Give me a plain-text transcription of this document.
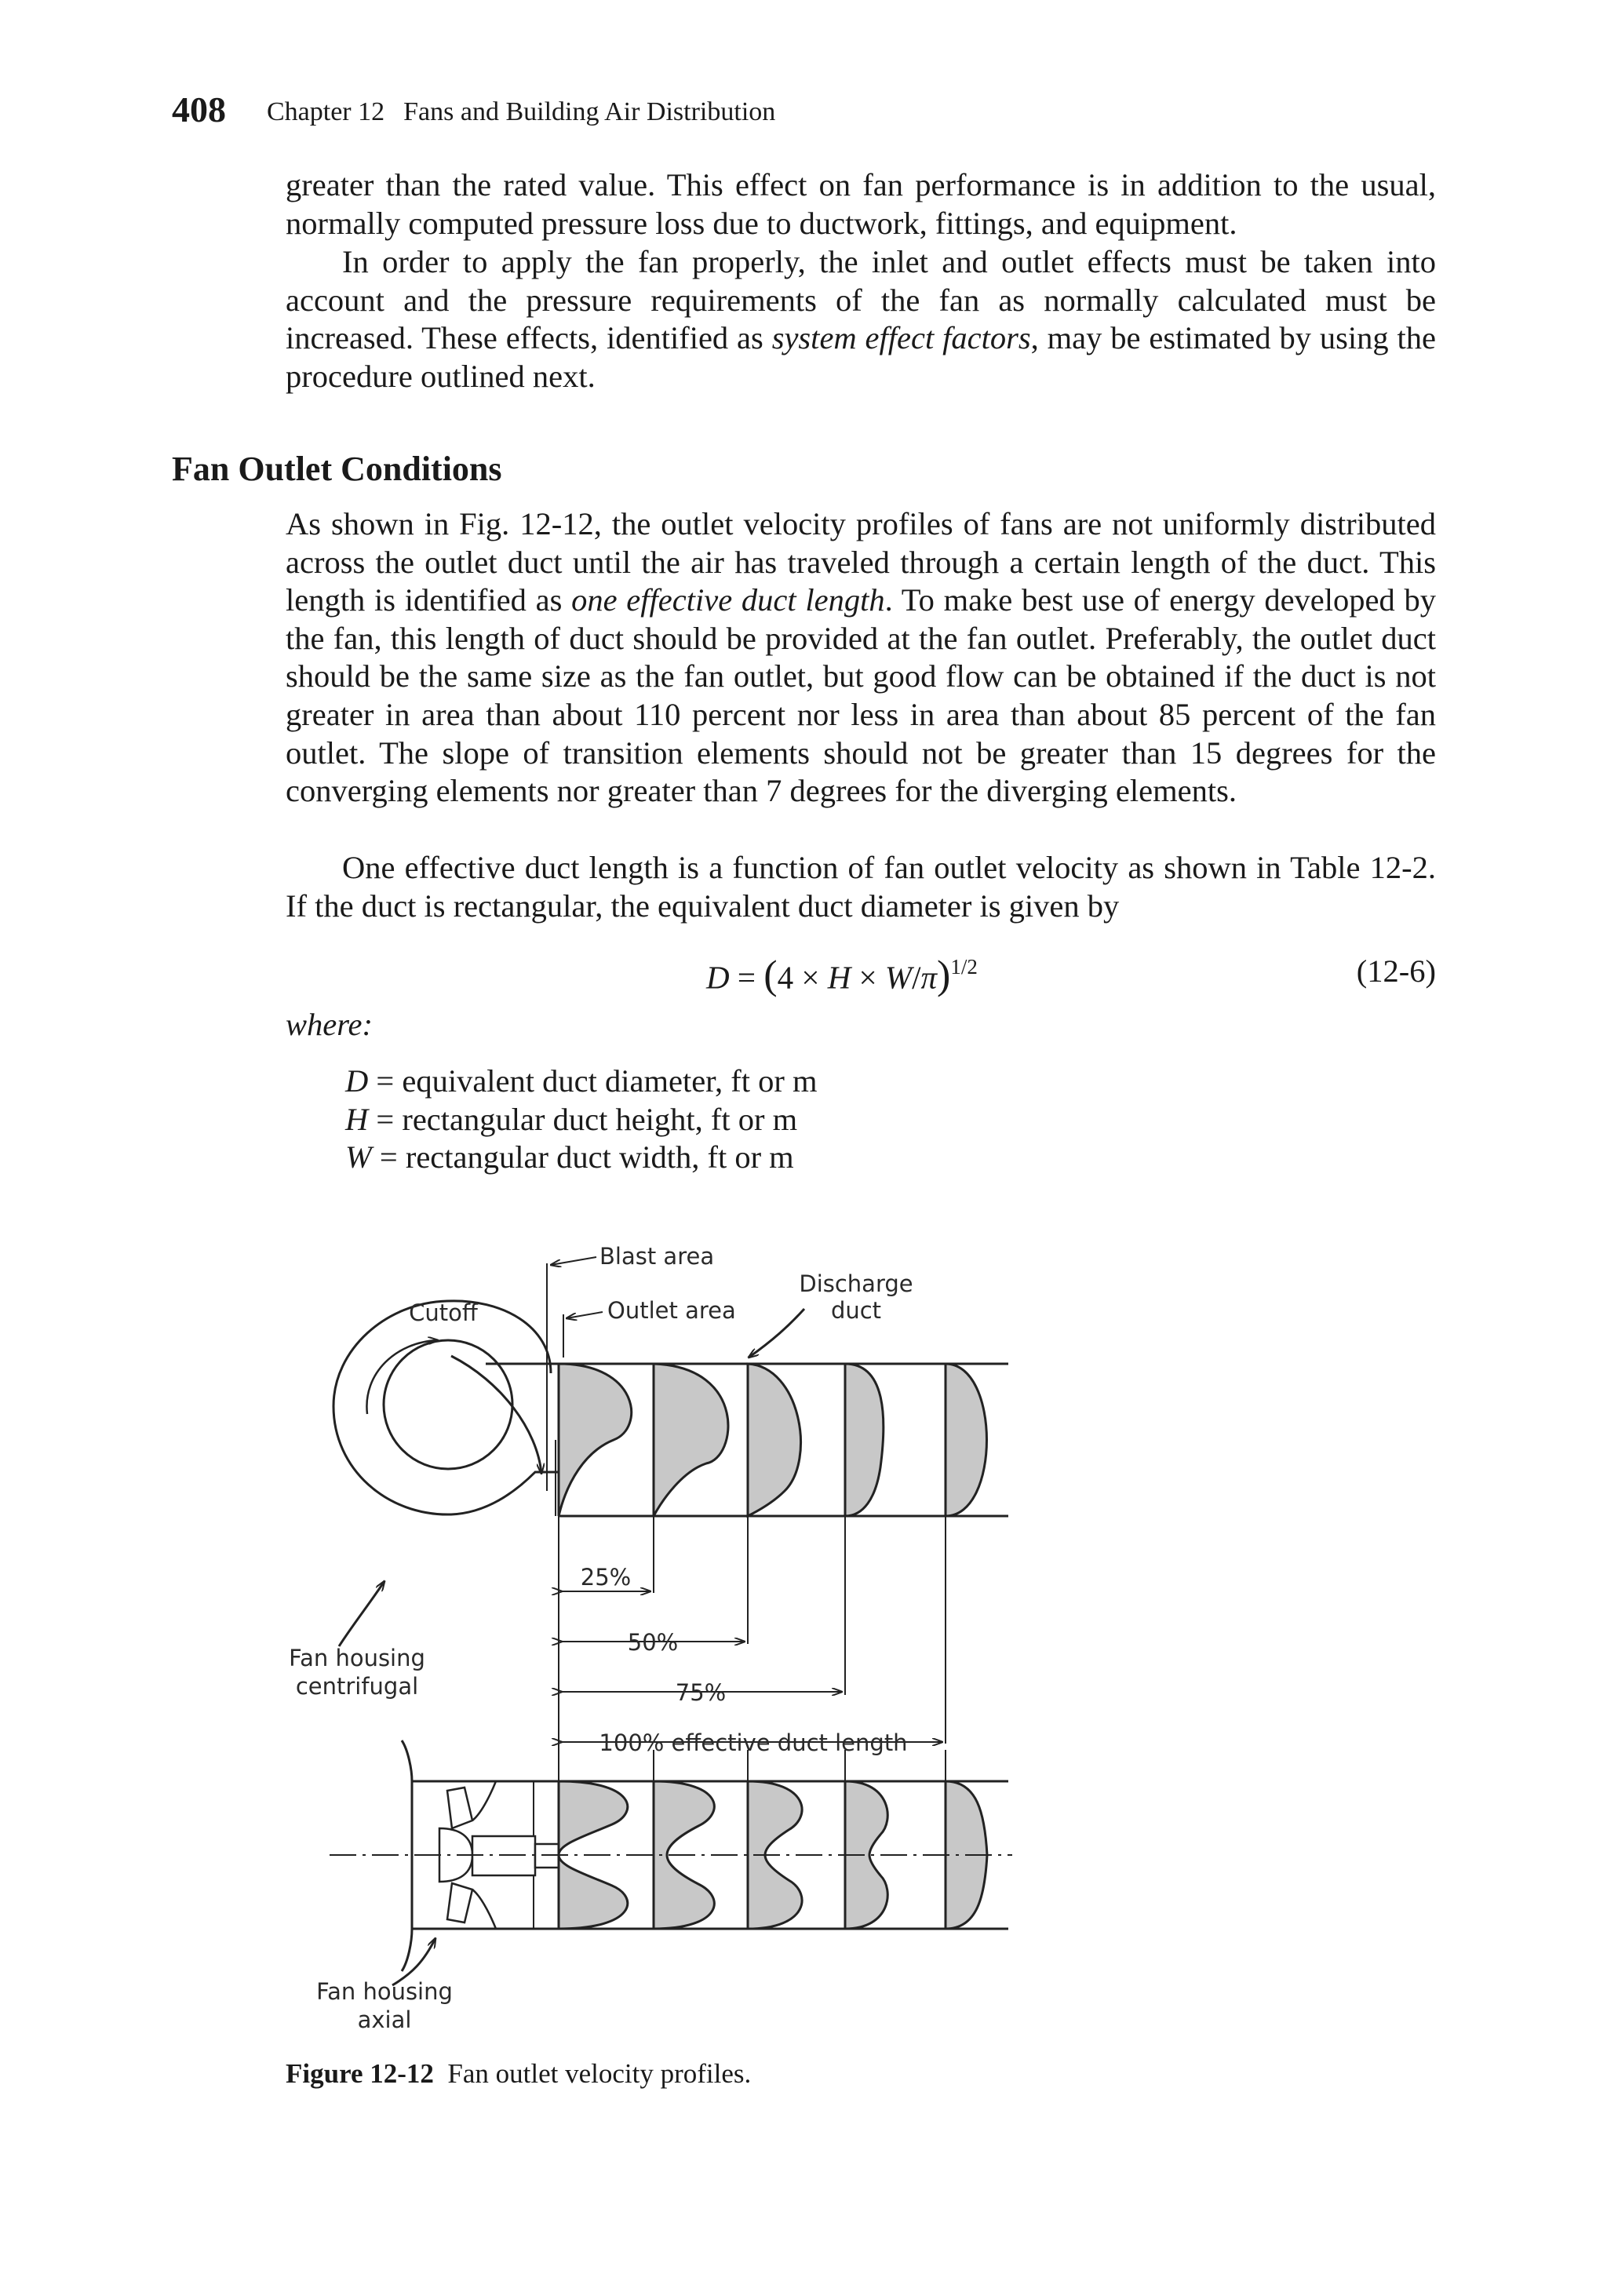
408 Chapter 12 Fans and Building Air Distribution

greater than the rated value. This effect on fan performance is in addition to the usual, normally computed pressure loss due to ductwork, fittings, and equipment.

In order to apply the fan properly, the inlet and outlet effects must be taken into account and the pressure requirements of the fan as normally calculated must be increased. These effects, identified as system effect factors, may be estimated by using the procedure outlined next.

Fan Outlet Conditions

As shown in Fig. 12-12, the outlet velocity profiles of fans are not uniformly distributed across the outlet duct until the air has traveled through a certain length of the duct. This length is identified as one effective duct length. To make best use of energy developed by the fan, this length of duct should be provided at the fan outlet. Preferably, the outlet duct should be the same size as the fan outlet, but good flow can be obtained if the duct is not greater in area than about 110 percent nor less in area than about 85 percent of the fan outlet. The slope of transition elements should not be greater than 15 degrees for the converging elements nor greater than 7 degrees for the diverging elements.

One effective duct length is a function of fan outlet velocity as shown in Table 12-2. If the duct is rectangular, the equivalent duct diameter is given by

$D = (4 \times H \times W/\pi)^{1/2}$	(12-6)
where:
D = equivalent duct diameter, ft or m
H = rectangular duct height, ft or m
W = rectangular duct width, ft or m
Blast area
Outlet area
Discharge
duct
Cutoff
Fan housing
centrifugal
25%
50%
75%
100% effective duct length
Fan housing
axial
Figure 12-12 Fan outlet velocity profiles.
